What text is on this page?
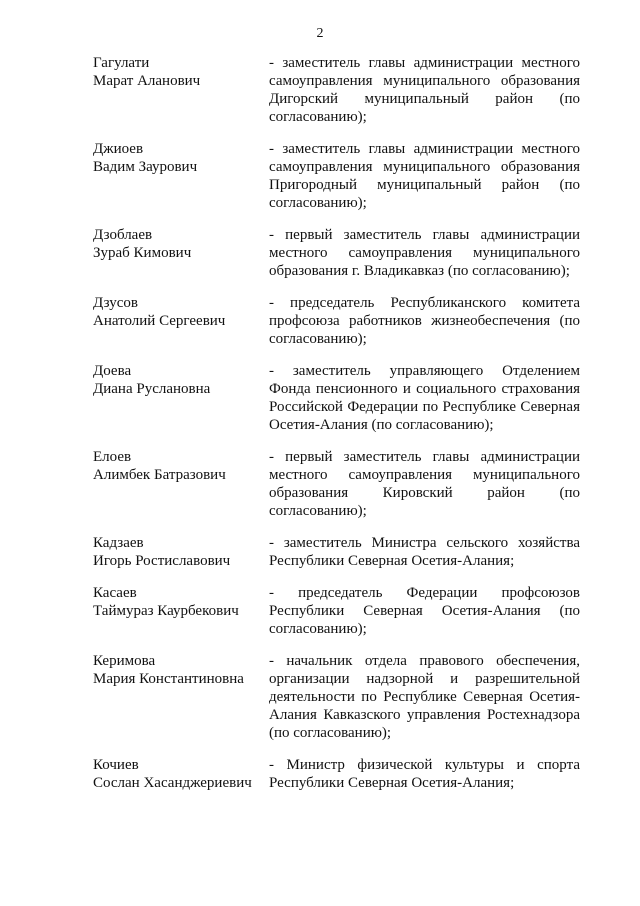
2
Гагулати
Марат Аланович
- заместитель главы администрации местного самоуправления муниципального образования Дигорский муниципальный район (по согласованию);
Джиоев
Вадим Заурович
- заместитель главы администрации местного самоуправления муниципального образования Пригородный муниципальный район (по согласованию);
Дзоблаев
Зураб Кимович
- первый заместитель главы администрации местного самоуправления муниципального образования г. Владикавказ (по согласованию);
Дзусов
Анатолий Сергеевич
- председатель Республиканского комитета профсоюза работников жизнеобеспечения (по согласованию);
Доева
Диана Руслановна
- заместитель управляющего Отделением Фонда пенсионного и социального страхования Российской Федерации по Республике Северная Осетия-Алания (по согласованию);
Елоев
Алимбек Батразович
- первый заместитель главы администрации местного самоуправления муниципального образования Кировский район (по согласованию);
Кадзаев
Игорь Ростиславович
- заместитель Министра сельского хозяйства Республики Северная Осетия-Алания;
Касаев
Таймураз Каурбекович
- председатель Федерации профсоюзов Республики Северная Осетия-Алания (по согласованию);
Керимова
Мария Константиновна
- начальник отдела правового обеспечения, организации надзорной и разрешительной деятельности по Республике Северная Осетия-Алания Кавказского управления Ростехнадзора (по согласованию);
Кочиев
Сослан Хасанджериевич
- Министр физической культуры и спорта Республики Северная Осетия-Алания;
